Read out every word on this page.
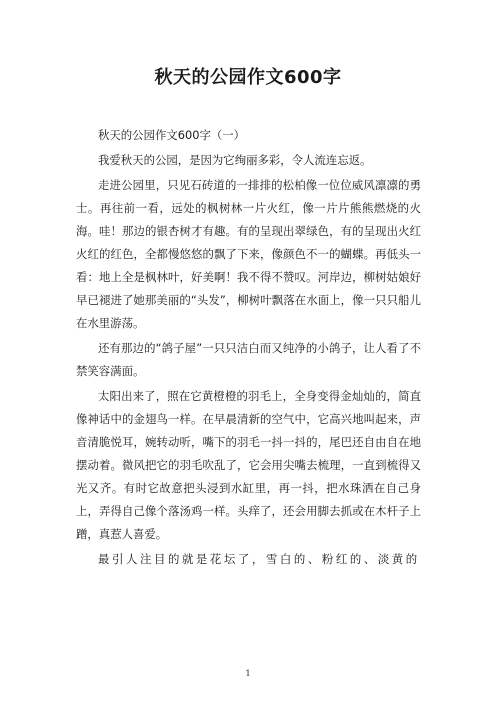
秋天的公园作文600字

秋天的公园作文600字（一）

我爱秋天的公园，是因为它绚丽多彩，令人流连忘返。

走进公园里，只见石砖道的一排排的松柏像一位位威风凛凛的勇士。再往前一看，远处的枫树林一片火红，像一片片熊熊燃烧的火海。哇！那边的银杏树才有趣。有的呈现出翠绿色，有的呈现出火红火红的红色，全都慢悠悠的飘了下来，像颜色不一的蝴蝶。再低头一看：地上全是枫林叶，好美啊！我不得不赞叹。河岸边，柳树姑娘好早已褪进了她那美丽的“头发”，柳树叶飘落在水面上，像一只只船儿在水里游荡。

还有那边的“鸽子屋”一只只洁白而又纯净的小鸽子，让人看了不禁笑容满面。

太阳出来了，照在它黄橙橙的羽毛上，全身变得金灿灿的，简直像神话中的金翅鸟一样。在早晨清新的空气中，它高兴地叫起来，声音清脆悦耳，婉转动听，嘴下的羽毛一抖一抖的，尾巴还自由自在地摆动着。微风把它的羽毛吹乱了，它会用尖嘴去梳理，一直到梳得又光又齐。有时它故意把头浸到水缸里，再一抖，把水珠洒在自己身上，弄得自己像个落汤鸡一样。头痒了，还会用脚去抓或在木杆子上蹭，真惹人喜爱。

最引人注目的就是花坛了，雪白的、粉红的、淡黄的

1
